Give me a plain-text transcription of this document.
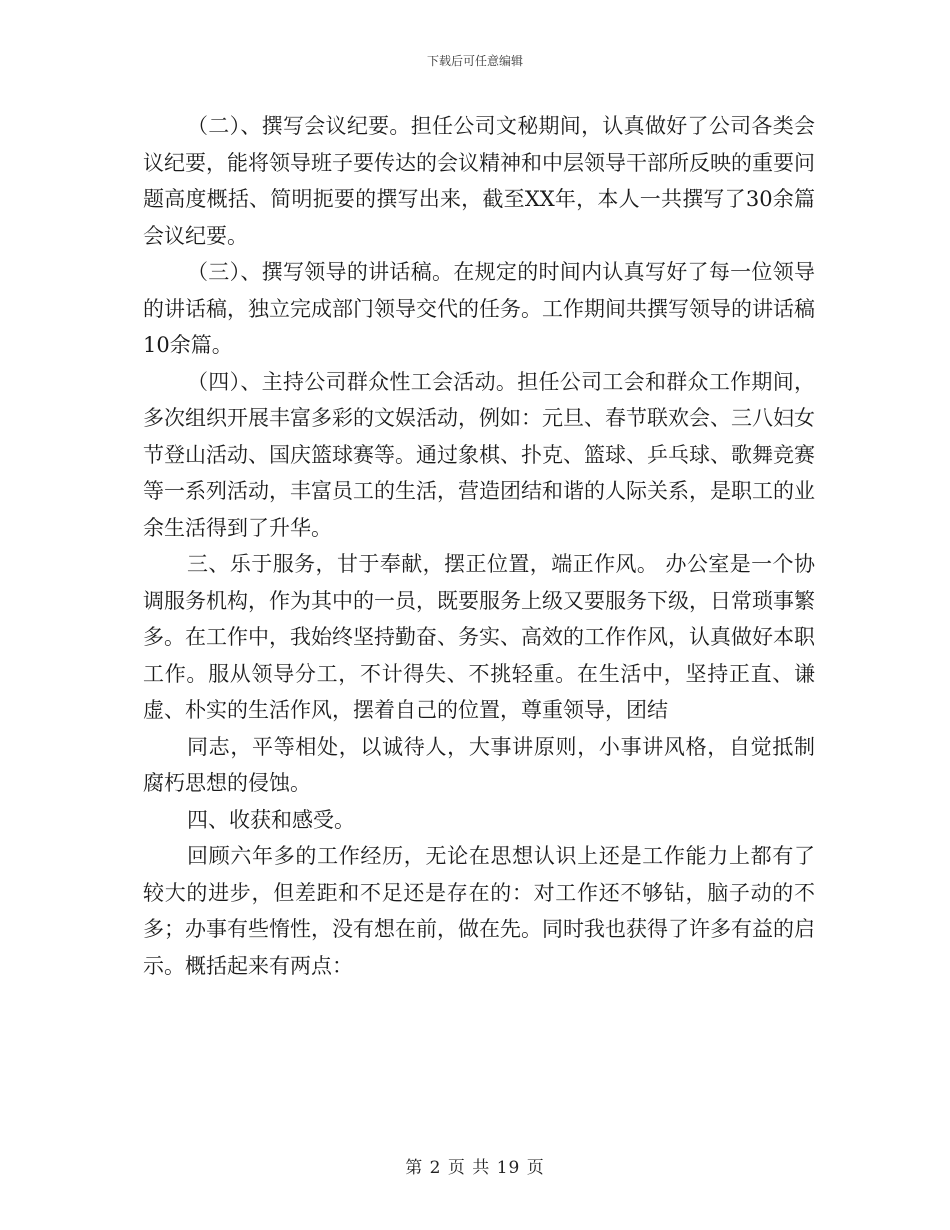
下载后可任意编辑

（二）、撰写会议纪要。担任公司文秘期间，认真做好了公司各类会议纪要，能将领导班子要传达的会议精神和中层领导干部所反映的重要问题高度概括、简明扼要的撰写出来，截至XX年，本人一共撰写了30余篇会议纪要。

（三）、撰写领导的讲话稿。在规定的时间内认真写好了每一位领导的讲话稿，独立完成部门领导交代的任务。工作期间共撰写领导的讲话稿10余篇。

（四）、主持公司群众性工会活动。担任公司工会和群众工作期间，多次组织开展丰富多彩的文娱活动，例如：元旦、春节联欢会、三八妇女节登山活动、国庆篮球赛等。通过象棋、扑克、篮球、乒乓球、歌舞竞赛等一系列活动，丰富员工的生活，营造团结和谐的人际关系，是职工的业余生活得到了升华。

三、乐于服务，甘于奉献，摆正位置，端正作风。 办公室是一个协调服务机构，作为其中的一员，既要服务上级又要服务下级，日常琐事繁多。在工作中，我始终坚持勤奋、务实、高效的工作作风，认真做好本职工作。服从领导分工，不计得失、不挑轻重。在生活中，坚持正直、谦虚、朴实的生活作风，摆着自己的位置，尊重领导，团结

同志，平等相处，以诚待人，大事讲原则，小事讲风格，自觉抵制腐朽思想的侵蚀。

四、收获和感受。

回顾六年多的工作经历，无论在思想认识上还是工作能力上都有了较大的进步，但差距和不足还是存在的：对工作还不够钻，脑子动的不多；办事有些惰性，没有想在前，做在先。同时我也获得了许多有益的启示。概括起来有两点：

第 2 页 共 19 页
